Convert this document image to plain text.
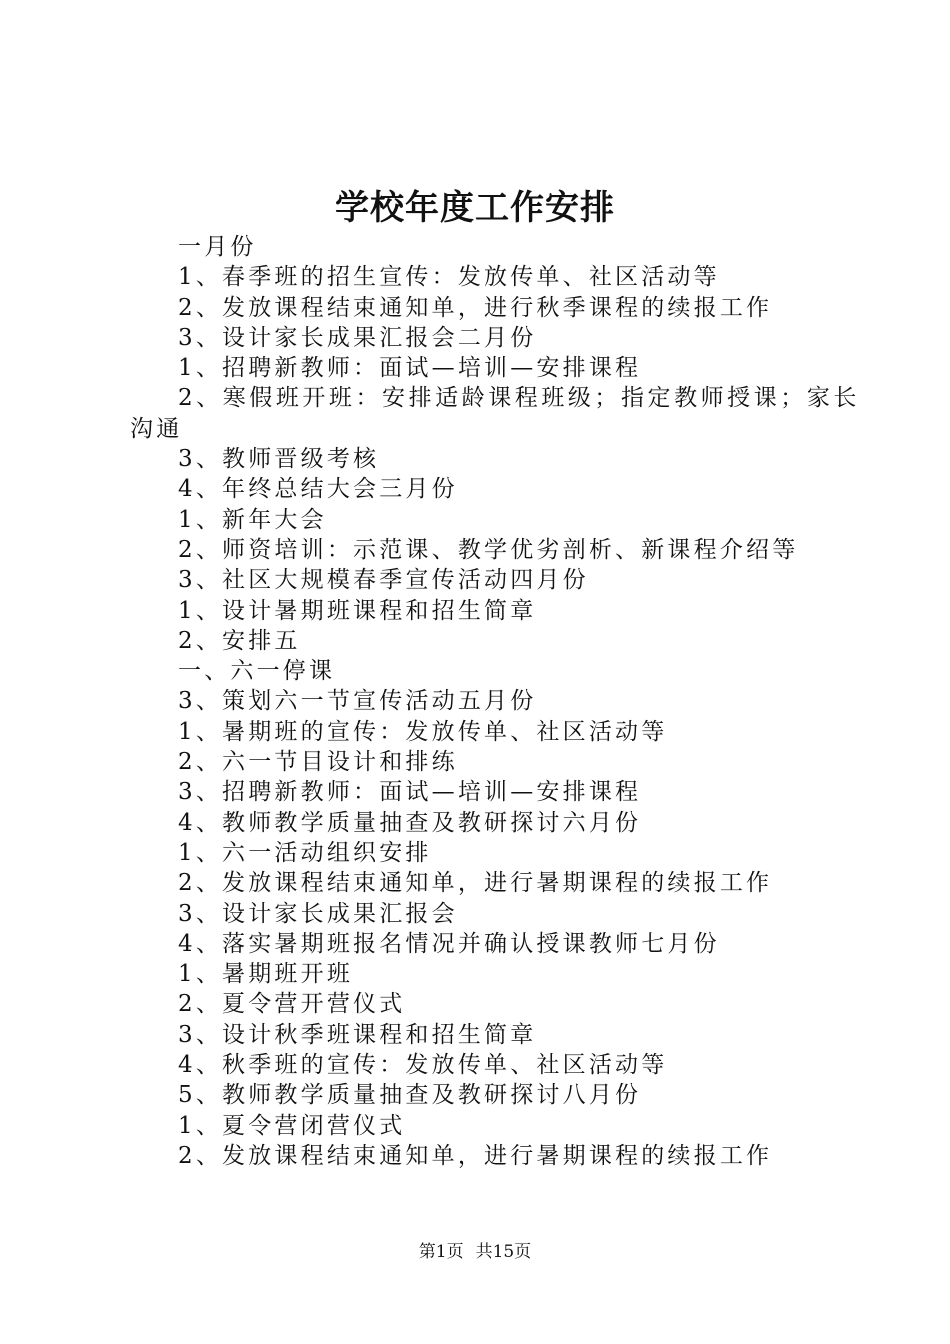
学校年度工作安排
一月份
1、春季班的招生宣传：发放传单、社区活动等
2、发放课程结束通知单，进行秋季课程的续报工作
3、设计家长成果汇报会二月份
1、招聘新教师：面试—培训—安排课程
2、寒假班开班：安排适龄课程班级；指定教师授课；家长
沟通
3、教师晋级考核
4、年终总结大会三月份
1、新年大会
2、师资培训：示范课、教学优劣剖析、新课程介绍等
3、社区大规模春季宣传活动四月份
1、设计暑期班课程和招生简章
2、安排五
一、六一停课
3、策划六一节宣传活动五月份
1、暑期班的宣传：发放传单、社区活动等
2、六一节目设计和排练
3、招聘新教师：面试—培训—安排课程
4、教师教学质量抽查及教研探讨六月份
1、六一活动组织安排
2、发放课程结束通知单，进行暑期课程的续报工作
3、设计家长成果汇报会
4、落实暑期班报名情况并确认授课教师七月份
1、暑期班开班
2、夏令营开营仪式
3、设计秋季班课程和招生简章
4、秋季班的宣传：发放传单、社区活动等
5、教师教学质量抽查及教研探讨八月份
1、夏令营闭营仪式
2、发放课程结束通知单，进行暑期课程的续报工作
第1页 共15页
